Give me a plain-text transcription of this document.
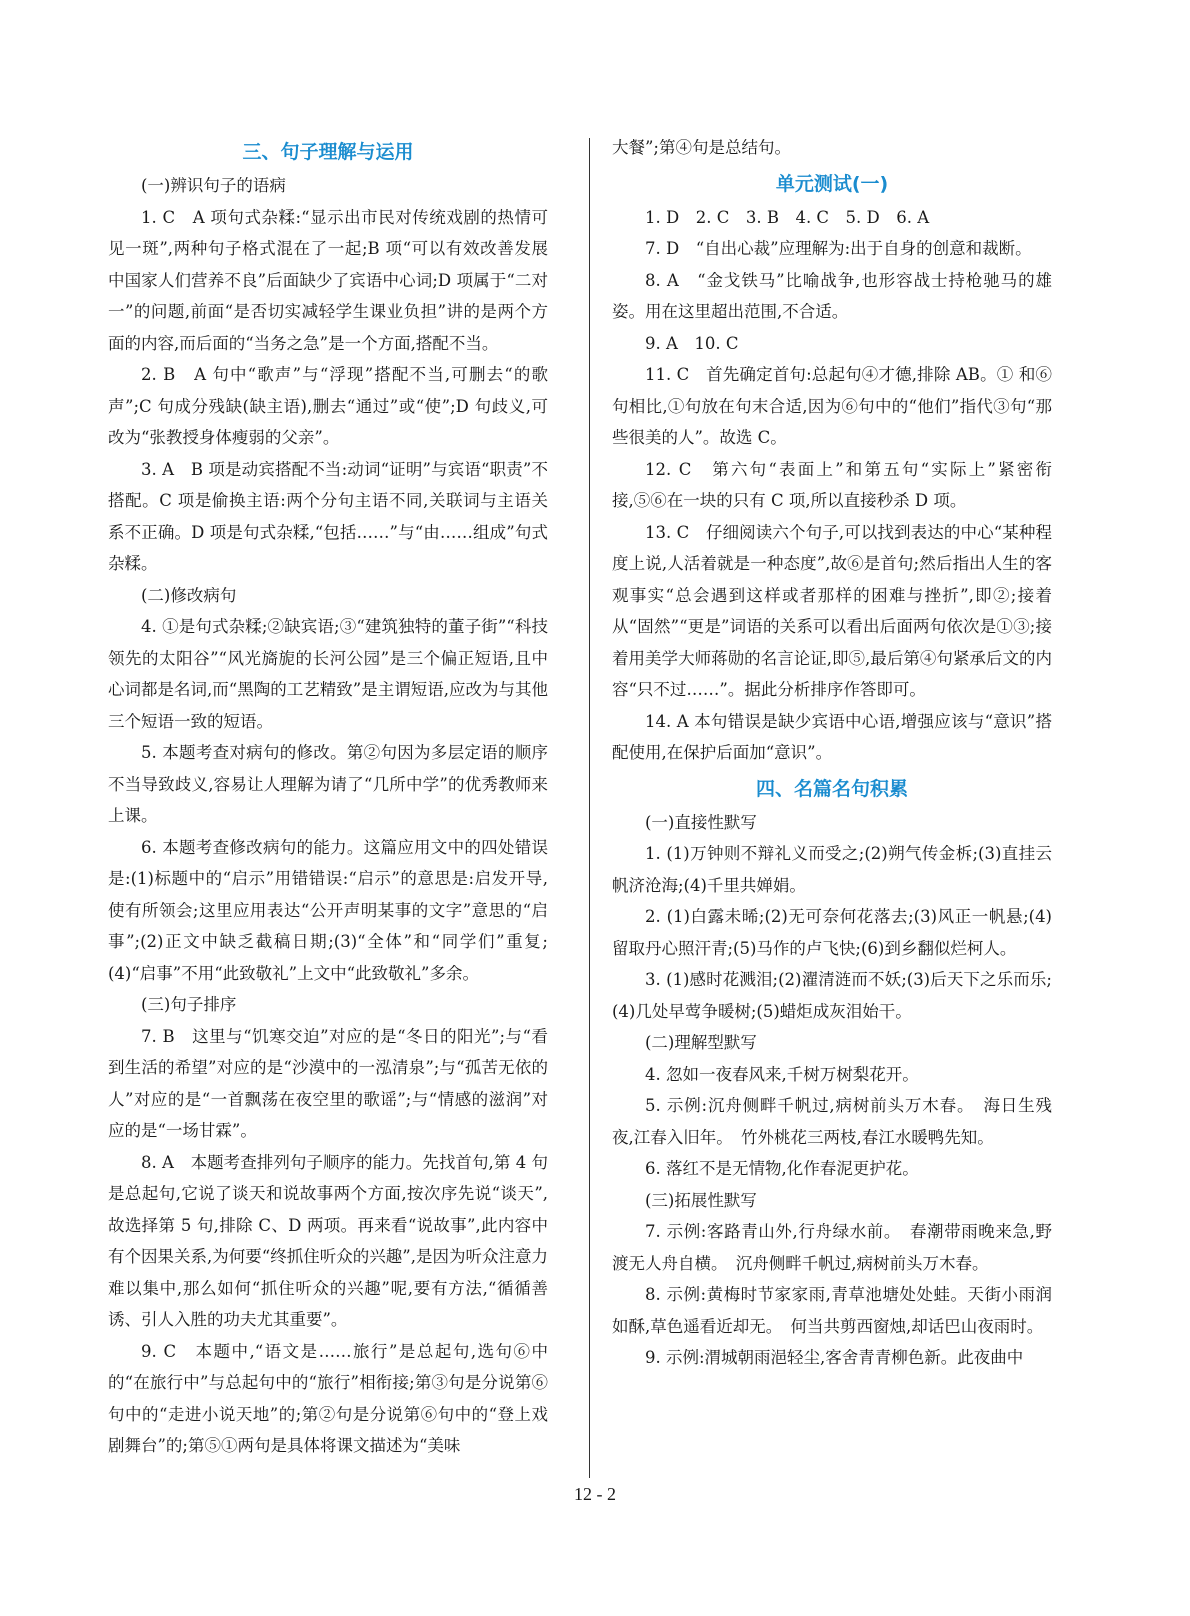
三、句子理解与运用

(一)辨识句子的语病

1. C　A 项句式杂糅:“显示出市民对传统戏剧的热情可见一斑”,两种句子格式混在了一起;B 项“可以有效改善发展中国家人们营养不良”后面缺少了宾语中心词;D 项属于“二对一”的问题,前面“是否切实减轻学生课业负担”讲的是两个方面的内容,而后面的“当务之急”是一个方面,搭配不当。

2. B　A 句中“歌声”与“浮现”搭配不当,可删去“的歌声”;C 句成分残缺(缺主语),删去“通过”或“使”;D 句歧义,可改为“张教授身体瘦弱的父亲”。

3. A　B 项是动宾搭配不当:动词“证明”与宾语“职责”不搭配。C 项是偷换主语:两个分句主语不同,关联词与主语关系不正确。D 项是句式杂糅,“包括……”与“由……组成”句式杂糅。

(二)修改病句

4. ①是句式杂糅;②缺宾语;③“建筑独特的董子街”“科技领先的太阳谷”“风光旖旎的长河公园”是三个偏正短语,且中心词都是名词,而“黑陶的工艺精致”是主谓短语,应改为与其他三个短语一致的短语。

5. 本题考查对病句的修改。第②句因为多层定语的顺序不当导致歧义,容易让人理解为请了“几所中学”的优秀教师来上课。

6. 本题考查修改病句的能力。这篇应用文中的四处错误是:(1)标题中的“启示”用错错误:“启示”的意思是:启发开导,使有所领会;这里应用表达“公开声明某事的文字”意思的“启事”;(2)正文中缺乏截稿日期;(3)“全体”和“同学们”重复;(4)“启事”不用“此致敬礼”上文中“此致敬礼”多余。

(三)句子排序

7. B　这里与“饥寒交迫”对应的是“冬日的阳光”;与“看到生活的希望”对应的是“沙漠中的一泓清泉”;与“孤苦无依的人”对应的是“一首飘荡在夜空里的歌谣”;与“情感的滋润”对应的是“一场甘霖”。

8. A　本题考查排列句子顺序的能力。先找首句,第 4 句是总起句,它说了谈天和说故事两个方面,按次序先说“谈天”,故选择第 5 句,排除 C、D 两项。再来看“说故事”,此内容中有个因果关系,为何要“终抓住听众的兴趣”,是因为听众注意力难以集中,那么如何“抓住听众的兴趣”呢,要有方法,“循循善诱、引人入胜的功夫尤其重要”。

9. C　本题中,“语文是……旅行”是总起句,选句⑥中的“在旅行中”与总起句中的“旅行”相衔接;第③句是分说第⑥句中的“走进小说天地”的;第②句是分说第⑥句中的“登上戏剧舞台”的;第⑤①两句是具体将课文描述为“美味

大餐”;第④句是总结句。

单元测试(一)

1. D　2. C　3. B　4. C　5. D　6. A

7. D　“自出心裁”应理解为:出于自身的创意和裁断。

8. A　“金戈铁马”比喻战争,也形容战士持枪驰马的雄姿。用在这里超出范围,不合适。

9. A　10. C

11. C　首先确定首句:总起句④才德,排除 AB。① 和⑥句相比,①句放在句末合适,因为⑥句中的“他们”指代③句“那些很美的人”。故选 C。

12. C　第六句“表面上”和第五句“实际上”紧密衔接,⑤⑥在一块的只有 C 项,所以直接秒杀 D 项。

13. C　仔细阅读六个句子,可以找到表达的中心“某种程度上说,人活着就是一种态度”,故⑥是首句;然后指出人生的客观事实“总会遇到这样或者那样的困难与挫折”,即②;接着从“固然”“更是”词语的关系可以看出后面两句依次是①③;接着用美学大师蒋勋的名言论证,即⑤,最后第④句紧承后文的内容“只不过……”。据此分析排序作答即可。

14. A 本句错误是缺少宾语中心语,增强应该与“意识”搭配使用,在保护后面加“意识”。

四、名篇名句积累

(一)直接性默写

1. (1)万钟则不辩礼义而受之;(2)朔气传金柝;(3)直挂云帆济沧海;(4)千里共婵娟。

2. (1)白露未晞;(2)无可奈何花落去;(3)风正一帆悬;(4)留取丹心照汗青;(5)马作的卢飞快;(6)到乡翻似烂柯人。

3. (1)感时花溅泪;(2)濯清涟而不妖;(3)后天下之乐而乐;(4)几处早莺争暖树;(5)蜡炬成灰泪始干。

(二)理解型默写

4. 忽如一夜春风来,千树万树梨花开。

5. 示例:沉舟侧畔千帆过,病树前头万木春。　海日生残夜,江春入旧年。　竹外桃花三两枝,春江水暖鸭先知。

6. 落红不是无情物,化作春泥更护花。

(三)拓展性默写

7. 示例:客路青山外,行舟绿水前。　春潮带雨晚来急,野渡无人舟自横。　沉舟侧畔千帆过,病树前头万木春。

8. 示例:黄梅时节家家雨,青草池塘处处蛙。天街小雨润如酥,草色遥看近却无。　何当共剪西窗烛,却话巴山夜雨时。

9. 示例:渭城朝雨浥轻尘,客舍青青柳色新。此夜曲中

12 - 2
